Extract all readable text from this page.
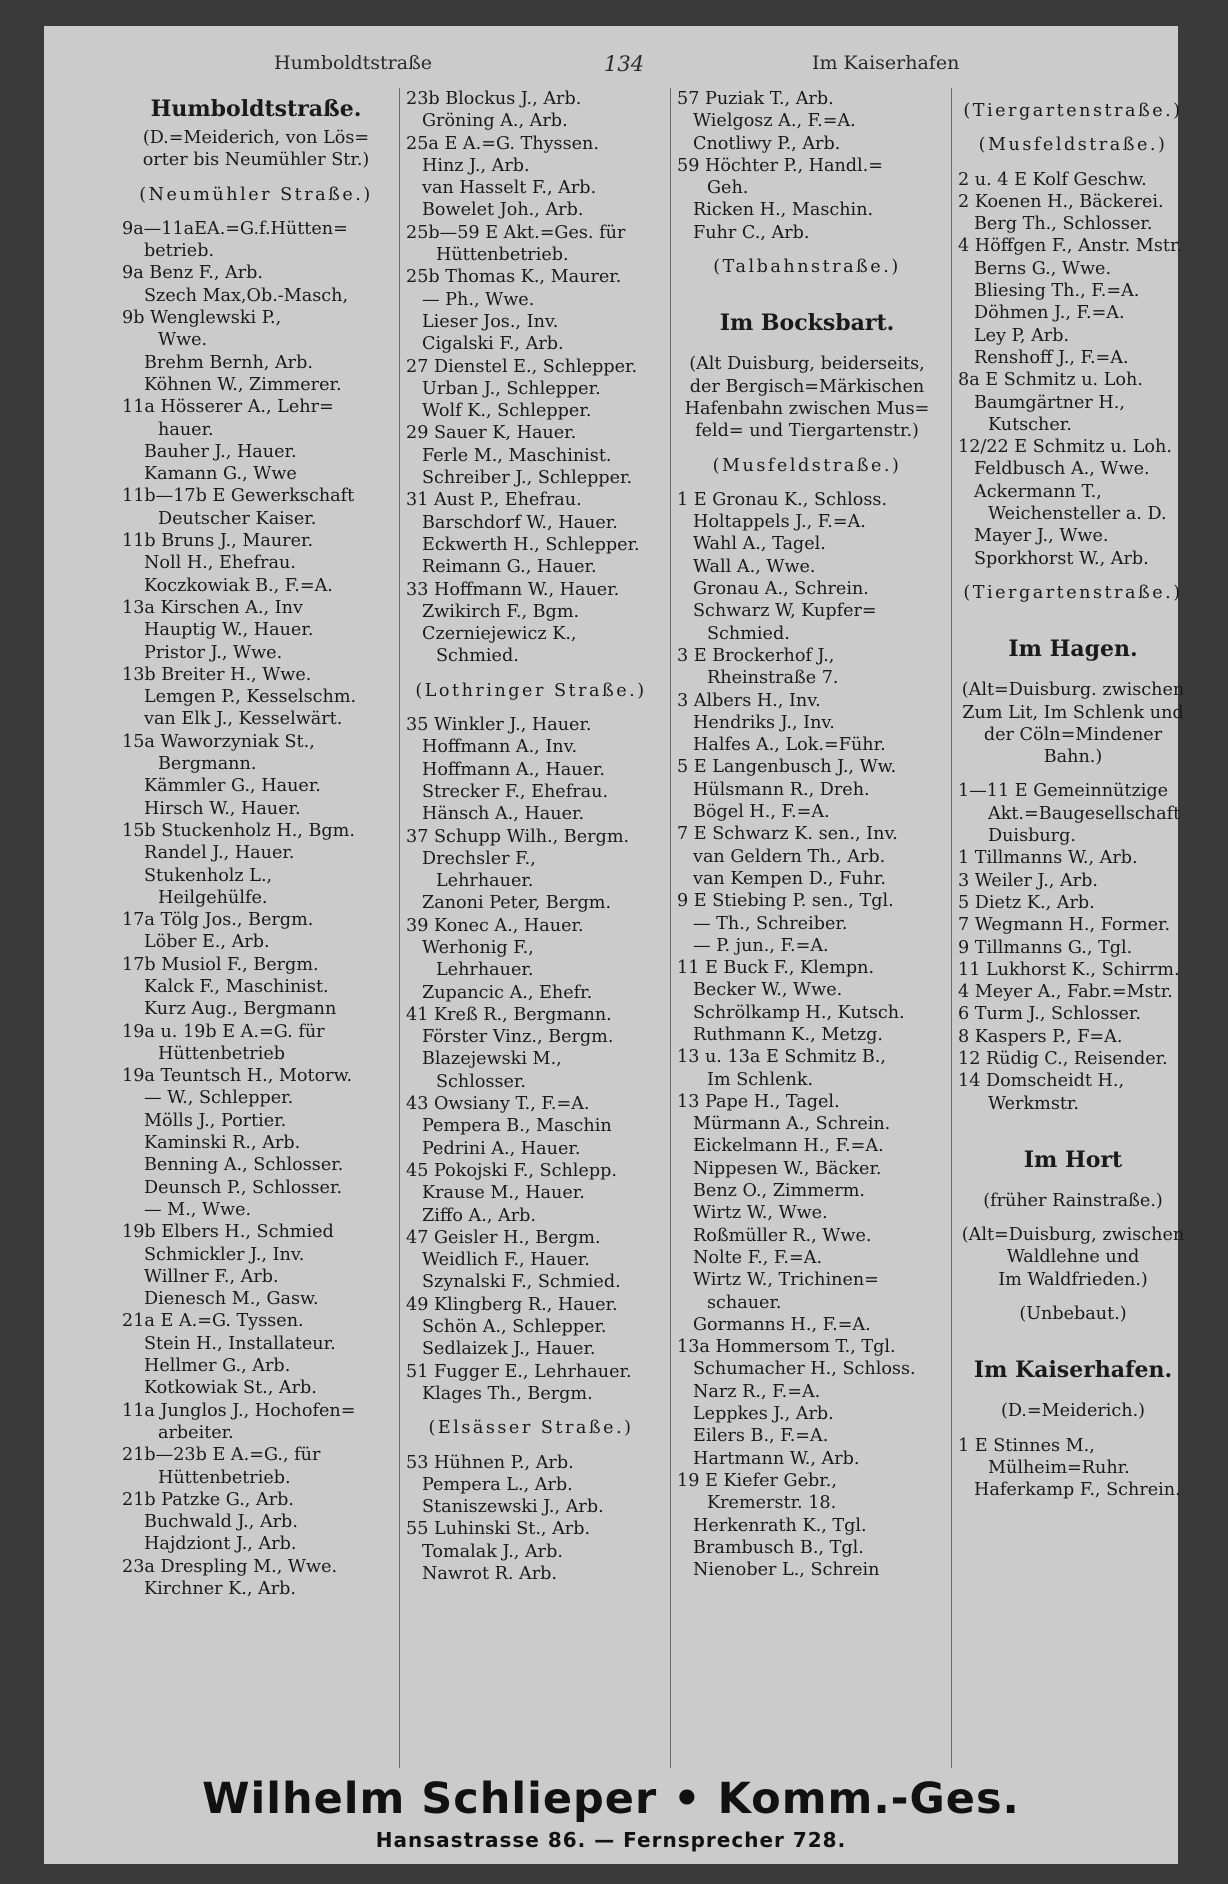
Humboldtstraße	134	Im Kaiserhafen
Humboldtstraße.
(D.=Meiderich, von Lös=
orter bis Neumühler Str.)
(Neumühler Straße.)
9a—11aEA.=G.f.Hütten=
betrieb.
9a Benz F., Arb.
Szech Max,Ob.-Masch,
9b Wenglewski P.,
Wwe.
Brehm Bernh, Arb.
Köhnen W., Zimmerer.
11a Hösserer A., Lehr=
hauer.
Bauher J., Hauer.
Kamann G., Wwe
11b—17b E Gewerkschaft
Deutscher Kaiser.
11b Bruns J., Maurer.
Noll H., Ehefrau.
Koczkowiak B., F.=A.
13a Kirschen A., Inv
Hauptig W., Hauer.
Pristor J., Wwe.
13b Breiter H., Wwe.
Lemgen P., Kesselschm.
van Elk J., Kesselwärt.
15a Waworzyniak St.,
Bergmann.
Kämmler G., Hauer.
Hirsch W., Hauer.
15b Stuckenholz H., Bgm.
Randel J., Hauer.
Stukenholz L.,
Heilgehülfe.
17a Tölg Jos., Bergm.
Löber E., Arb.
17b Musiol F., Bergm.
Kalck F., Maschinist.
Kurz Aug., Bergmann
19a u. 19b E A.=G. für
Hüttenbetrieb
19a Teuntsch H., Motorw.
— W., Schlepper.
Mölls J., Portier.
Kaminski R., Arb.
Benning A., Schlosser.
Deunsch P., Schlosser.
— M., Wwe.
19b Elbers H., Schmied
Schmickler J., Inv.
Willner F., Arb.
Dienesch M., Gasw.
21a E A.=G. Tyssen.
Stein H., Installateur.
Hellmer G., Arb.
Kotkowiak St., Arb.
11a Junglos J., Hochofen=
arbeiter.
21b—23b E A.=G., für
Hüttenbetrieb.
21b Patzke G., Arb.
Buchwald J., Arb.
Hajdziont J., Arb.
23a Drespling M., Wwe.
Kirchner K., Arb.
23b Blockus J., Arb.
Gröning A., Arb.
25a E A.=G. Thyssen.
Hinz J., Arb.
van Hasselt F., Arb.
Bowelet Joh., Arb.
25b—59 E Akt.=Ges. für
Hüttenbetrieb.
25b Thomas K., Maurer.
— Ph., Wwe.
Lieser Jos., Inv.
Cigalski F., Arb.
27 Dienstel E., Schlepper.
Urban J., Schlepper.
Wolf K., Schlepper.
29 Sauer K, Hauer.
Ferle M., Maschinist.
Schreiber J., Schlepper.
31 Aust P., Ehefrau.
Barschdorf W., Hauer.
Eckwerth H., Schlepper.
Reimann G., Hauer.
33 Hoffmann W., Hauer.
Zwikirch F., Bgm.
Czerniejewicz K.,
Schmied.
(Lothringer Straße.)
35 Winkler J., Hauer.
Hoffmann A., Inv.
Hoffmann A., Hauer.
Strecker F., Ehefrau.
Hänsch A., Hauer.
37 Schupp Wilh., Bergm.
Drechsler F.,
Lehrhauer.
Zanoni Peter, Bergm.
39 Konec A., Hauer.
Werhonig F.,
Lehrhauer.
Zupancic A., Ehefr.
41 Kreß R., Bergmann.
Förster Vinz., Bergm.
Blazejewski M.,
Schlosser.
43 Owsiany T., F.=A.
Pempera B., Maschin
Pedrini A., Hauer.
45 Pokojski F., Schlepp.
Krause M., Hauer.
Ziffo A., Arb.
47 Geisler H., Bergm.
Weidlich F., Hauer.
Szynalski F., Schmied.
49 Klingberg R., Hauer.
Schön A., Schlepper.
Sedlaizek J., Hauer.
51 Fugger E., Lehrhauer.
Klages Th., Bergm.
(Elsässer Straße.)
53 Hühnen P., Arb.
Pempera L., Arb.
Staniszewski J., Arb.
55 Luhinski St., Arb.
Tomalak J., Arb.
Nawrot R. Arb.
57 Puziak T., Arb.
Wielgosz A., F.=A.
Cnotliwy P., Arb.
59 Höchter P., Handl.=
Geh.
Ricken H., Maschin.
Fuhr C., Arb.
(Talbahnstraße.)
Im Bocksbart.
(Alt Duisburg, beiderseits,
der Bergisch=Märkischen
Hafenbahn zwischen Mus=
feld= und Tiergartenstr.)
(Musfeldstraße.)
1 E Gronau K., Schloss.
Holtappels J., F.=A.
Wahl A., Tagel.
Wall A., Wwe.
Gronau A., Schrein.
Schwarz W, Kupfer=
Schmied.
3 E Brockerhof J.,
Rheinstraße 7.
3 Albers H., Inv.
Hendriks J., Inv.
Halfes A., Lok.=Führ.
5 E Langenbusch J., Ww.
Hülsmann R., Dreh.
Bögel H., F.=A.
7 E Schwarz K. sen., Inv.
van Geldern Th., Arb.
van Kempen D., Fuhr.
9 E Stiebing P. sen., Tgl.
— Th., Schreiber.
— P. jun., F.=A.
11 E Buck F., Klempn.
Becker W., Wwe.
Schrölkamp H., Kutsch.
Ruthmann K., Metzg.
13 u. 13a E Schmitz B.,
Im Schlenk.
13 Pape H., Tagel.
Mürmann A., Schrein.
Eickelmann H., F.=A.
Nippesen W., Bäcker.
Benz O., Zimmerm.
Wirtz W., Wwe.
Roßmüller R., Wwe.
Nolte F., F.=A.
Wirtz W., Trichinen=
schauer.
Gormanns H., F.=A.
13a Hommersom T., Tgl.
Schumacher H., Schloss.
Narz R., F.=A.
Leppkes J., Arb.
Eilers B., F.=A.
Hartmann W., Arb.
19 E Kiefer Gebr.,
Kremerstr. 18.
Herkenrath K., Tgl.
Brambusch B., Tgl.
Nienober L., Schrein
(Tiergartenstraße.)
(Musfeldstraße.)
2 u. 4 E Kolf Geschw.
2 Koenen H., Bäckerei.
Berg Th., Schlosser.
4 Höffgen F., Anstr. Mstr.
Berns G., Wwe.
Bliesing Th., F.=A.
Döhmen J., F.=A.
Ley P, Arb.
Renshoff J., F.=A.
8a E Schmitz u. Loh.
Baumgärtner H.,
Kutscher.
12/22 E Schmitz u. Loh.
Feldbusch A., Wwe.
Ackermann T.,
Weichensteller a. D.
Mayer J., Wwe.
Sporkhorst W., Arb.
(Tiergartenstraße.)
Im Hagen.
(Alt=Duisburg. zwischen
Zum Lit, Im Schlenk und
der Cöln=Mindener Bahn.)
1—11 E Gemeinnützige
Akt.=Baugesellschaft
Duisburg.
1 Tillmanns W., Arb.
3 Weiler J., Arb.
5 Dietz K., Arb.
7 Wegmann H., Former.
9 Tillmanns G., Tgl.
11 Lukhorst K., Schirrm.
4 Meyer A., Fabr.=Mstr.
6 Turm J., Schlosser.
8 Kaspers P., F=A.
12 Rüdig C., Reisender.
14 Domscheidt H.,
Werkmstr.
Im Hort
(früher Rainstraße.)
(Alt=Duisburg, zwischen
Waldlehne und
Im Waldfrieden.)
(Unbebaut.)
Im Kaiserhafen.
(D.=Meiderich.)
1 E Stinnes M.,
Mülheim=Ruhr.
Haferkamp F., Schrein.
Wilhelm Schlieper • Komm.-Ges.
Hansastrasse 86. — Fernsprecher 728.
